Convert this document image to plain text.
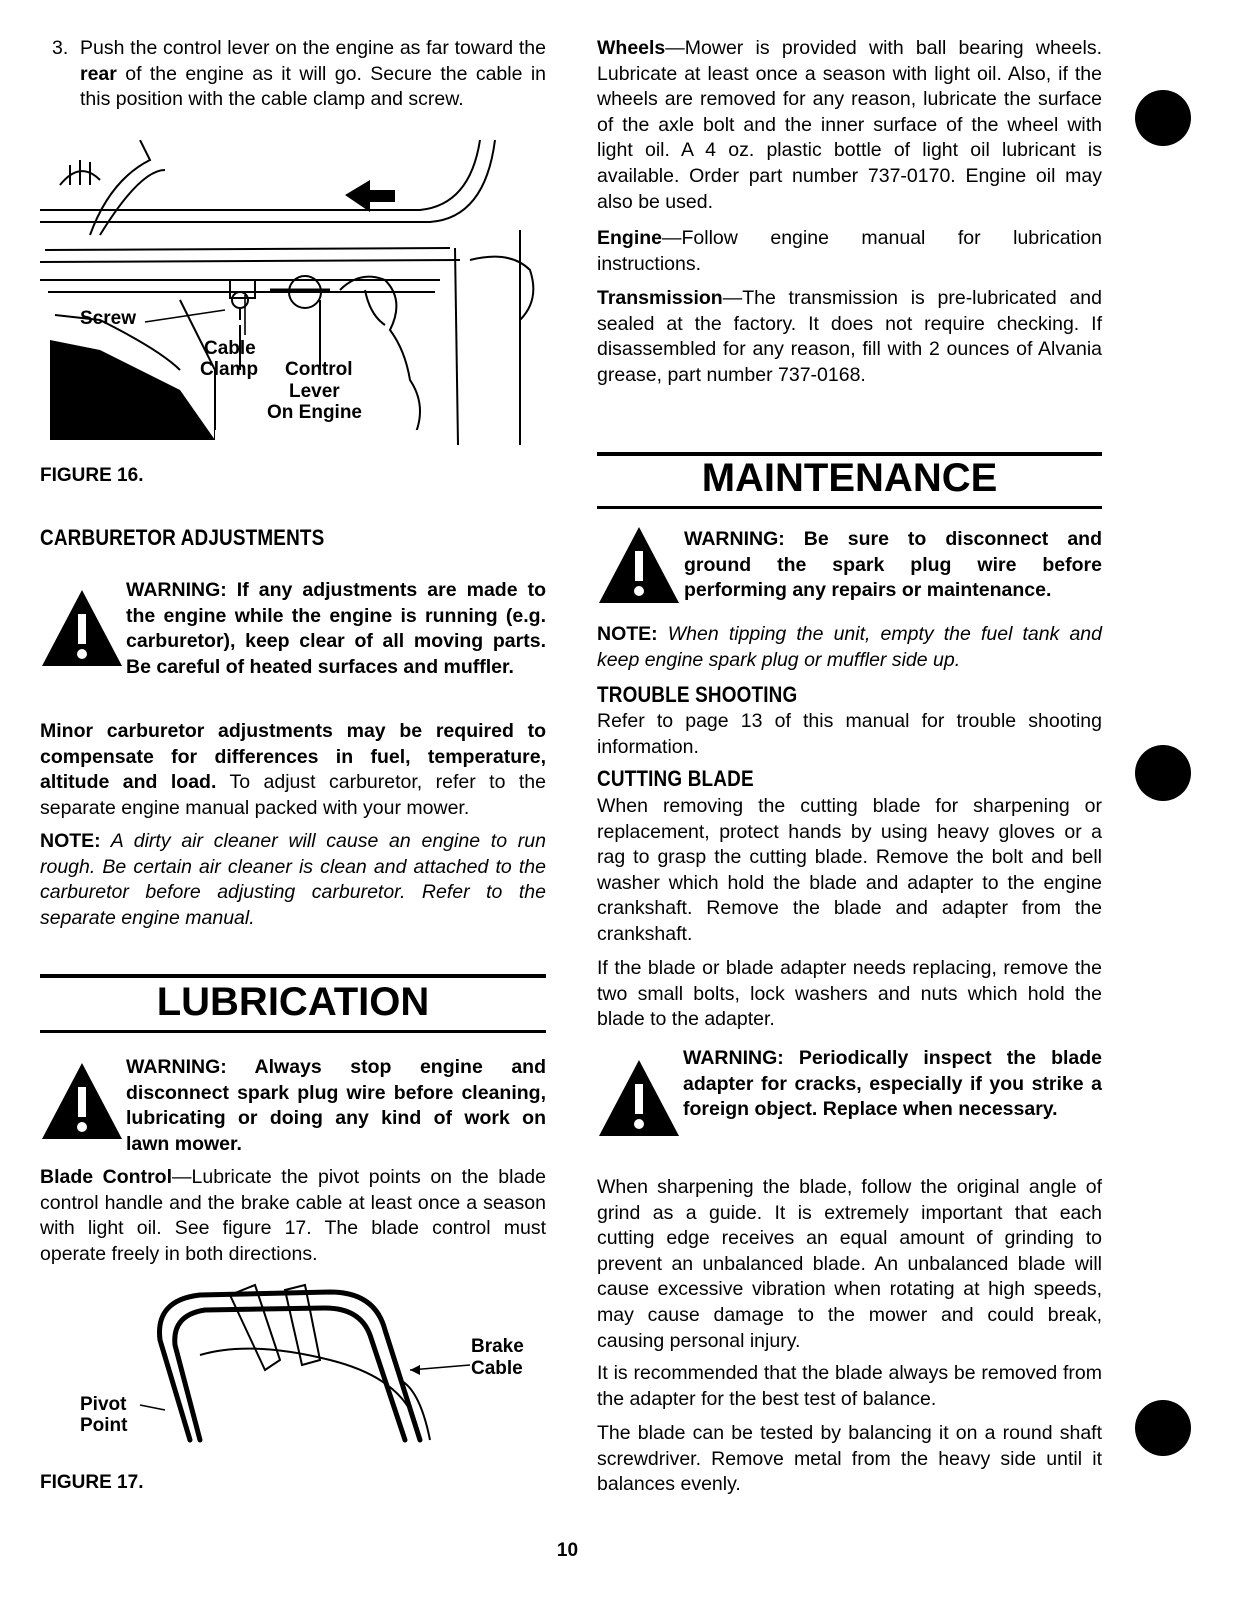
3. Push the control lever on the engine as far toward the rear of the engine as it will go. Secure the cable in this position with the cable clamp and screw.

Screw
Cable
Clamp Control
Lever
On Engine
FIGURE 16.
CARBURETOR ADJUSTMENTS

WARNING: If any adjustments are made to the engine while the engine is running (e.g. carburetor), keep clear of all moving parts. Be careful of heated surfaces and muffler.

Minor carburetor adjustments may be required to compensate for differences in fuel, temperature, altitude and load. To adjust carburetor, refer to the separate engine manual packed with your mower.

NOTE: A dirty air cleaner will cause an engine to run rough. Be certain air cleaner is clean and attached to the carburetor before adjusting carburetor. Refer to the separate engine manual.

LUBRICATION

WARNING: Always stop engine and disconnect spark plug wire before cleaning, lubricating or doing any kind of work on lawn mower.

Blade Control—Lubricate the pivot points on the blade control handle and the brake cable at least once a season with light oil. See figure 17. The blade control must operate freely in both directions.

Brake
Cable
Pivot
Point
FIGURE 17.

Wheels—Mower is provided with ball bearing wheels. Lubricate at least once a season with light oil. Also, if the wheels are removed for any reason, lubricate the surface of the axle bolt and the inner surface of the wheel with light oil. A 4 oz. plastic bottle of light oil lubricant is available. Order part number 737-0170. Engine oil may also be used.

Engine—Follow engine manual for lubrication instructions.

Transmission—The transmission is pre-lubricated and sealed at the factory. It does not require checking. If disassembled for any reason, fill with 2 ounces of Alvania grease, part number 737-0168.

MAINTENANCE

WARNING: Be sure to disconnect and ground the spark plug wire before performing any repairs or maintenance.

NOTE: When tipping the unit, empty the fuel tank and keep engine spark plug or muffler side up.

TROUBLE SHOOTING

Refer to page 13 of this manual for trouble shooting information.

CUTTING BLADE

When removing the cutting blade for sharpening or replacement, protect hands by using heavy gloves or a rag to grasp the cutting blade. Remove the bolt and bell washer which hold the blade and adapter to the engine crankshaft. Remove the blade and adapter from the crankshaft.

If the blade or blade adapter needs replacing, remove the two small bolts, lock washers and nuts which hold the blade to the adapter.

WARNING: Periodically inspect the blade adapter for cracks, especially if you strike a foreign object. Replace when necessary.

When sharpening the blade, follow the original angle of grind as a guide. It is extremely important that each cutting edge receives an equal amount of grinding to prevent an unbalanced blade. An unbalanced blade will cause excessive vibration when rotating at high speeds, may cause damage to the mower and could break, causing personal injury.

It is recommended that the blade always be removed from the adapter for the best test of balance.

The blade can be tested by balancing it on a round shaft screwdriver. Remove metal from the heavy side until it balances evenly.

10
